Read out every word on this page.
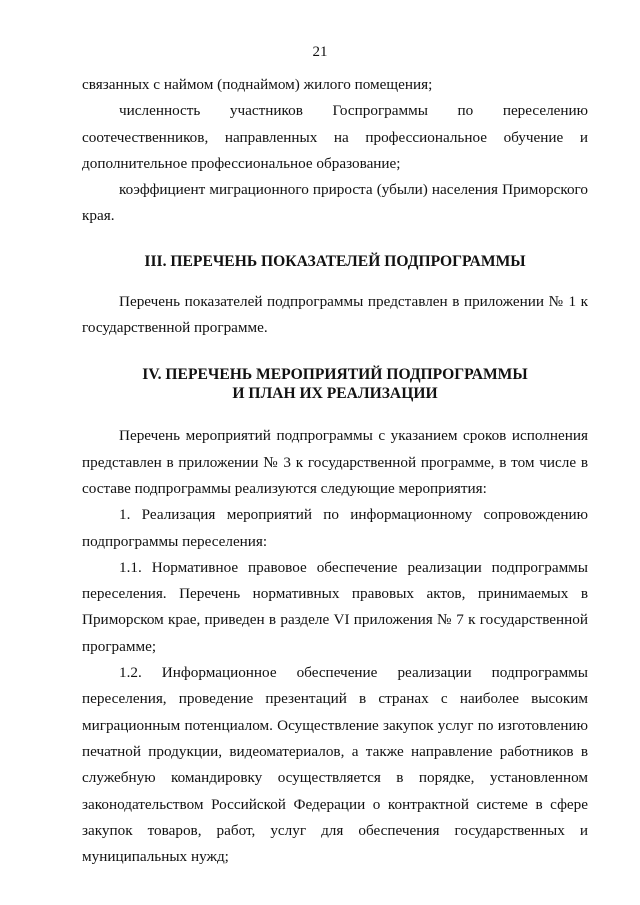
21
связанных с наймом (поднаймом) жилого помещения;
численность участников Госпрограммы по переселению
соотечественников, направленных на профессиональное обучение и
дополнительное профессиональное образование;
коэффициент миграционного прироста (убыли) населения Приморского
края.
III. ПЕРЕЧЕНЬ ПОКАЗАТЕЛЕЙ ПОДПРОГРАММЫ
Перечень показателей подпрограммы представлен в приложении № 1 к
государственной программе.
IV. ПЕРЕЧЕНЬ МЕРОПРИЯТИЙ ПОДПРОГРАММЫ
И ПЛАН ИХ РЕАЛИЗАЦИИ
Перечень мероприятий подпрограммы с указанием сроков исполнения
представлен в приложении № 3 к государственной программе, в том числе в
составе подпрограммы реализуются следующие мероприятия:
1. Реализация мероприятий по информационному сопровождению
подпрограммы переселения:
1.1. Нормативное правовое обеспечение реализации подпрограммы
переселения. Перечень нормативных правовых актов, принимаемых в
Приморском крае, приведен в разделе VI приложения № 7 к государственной
программе;
1.2. Информационное обеспечение реализации подпрограммы
переселения, проведение презентаций в странах с наиболее высоким
миграционным потенциалом. Осуществление закупок услуг по изготовлению
печатной продукции, видеоматериалов, а также направление работников в
служебную командировку осуществляется в порядке, установленном
законодательством Российской Федерации о контрактной системе в сфере
закупок товаров, работ, услуг для обеспечения государственных и
муниципальных нужд;
